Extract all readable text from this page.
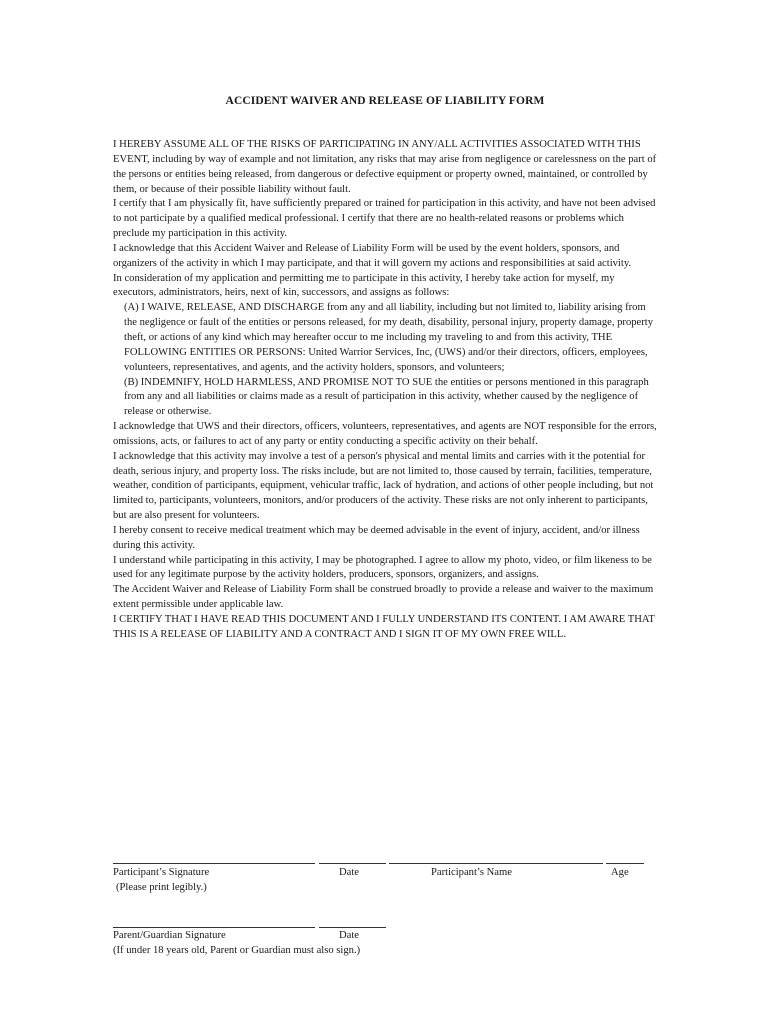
ACCIDENT WAIVER AND RELEASE OF LIABILITY FORM

I HEREBY ASSUME ALL OF THE RISKS OF PARTICIPATING IN ANY/ALL ACTIVITIES ASSOCIATED WITH THIS EVENT, including by way of example and not limitation, any risks that may arise from negligence or carelessness on the part of the persons or entities being released, from dangerous or defective equipment or property owned, maintained, or controlled by them, or because of their possible liability without fault.

I certify that I am physically fit, have sufficiently prepared or trained for participation in this activity, and have not been advised to not participate by a qualified medical professional. I certify that there are no health-related reasons or problems which preclude my participation in this activity.

I acknowledge that this Accident Waiver and Release of Liability Form will be used by the event holders, sponsors, and organizers of the activity in which I may participate, and that it will govern my actions and responsibilities at said activity.

In consideration of my application and permitting me to participate in this activity, I hereby take action for myself, my executors, administrators, heirs, next of kin, successors, and assigns as follows:

(A) I WAIVE, RELEASE, AND DISCHARGE from any and all liability, including but not limited to, liability arising from the negligence or fault of the entities or persons released, for my death, disability, personal injury, property damage, property theft, or actions of any kind which may hereafter occur to me including my traveling to and from this activity, THE FOLLOWING ENTITIES OR PERSONS: United Warrior Services, Inc, (UWS) and/or their directors, officers, employees, volunteers, representatives, and agents, and the activity holders, sponsors, and volunteers;

(B) INDEMNIFY, HOLD HARMLESS, AND PROMISE NOT TO SUE the entities or persons mentioned in this paragraph from any and all liabilities or claims made as a result of participation in this activity, whether caused by the negligence of release or otherwise.

I acknowledge that UWS and their directors, officers, volunteers, representatives, and agents are NOT responsible for the errors, omissions, acts, or failures to act of any party or entity conducting a specific activity on their behalf.

I acknowledge that this activity may involve a test of a person's physical and mental limits and carries with it the potential for death, serious injury, and property loss. The risks include, but are not limited to, those caused by terrain, facilities, temperature, weather, condition of participants, equipment, vehicular traffic, lack of hydration, and actions of other people including, but not limited to, participants, volunteers, monitors, and/or producers of the activity. These risks are not only inherent to participants, but are also present for volunteers.

I hereby consent to receive medical treatment which may be deemed advisable in the event of injury, accident, and/or illness during this activity.

I understand while participating in this activity, I may be photographed. I agree to allow my photo, video, or film likeness to be used for any legitimate purpose by the activity holders, producers, sponsors, organizers, and assigns.

The Accident Waiver and Release of Liability Form shall be construed broadly to provide a release and waiver to the maximum extent permissible under applicable law.

I CERTIFY THAT I HAVE READ THIS DOCUMENT AND I FULLY UNDERSTAND ITS CONTENT. I AM AWARE THAT THIS IS A RELEASE OF LIABILITY AND A CONTRACT AND I SIGN IT OF MY OWN FREE WILL.

Participant’s Signature	Date	Participant’s Name	Age
(Please print legibly.)
Parent/Guardian Signature	Date
(If under 18 years old, Parent or Guardian must also sign.)
